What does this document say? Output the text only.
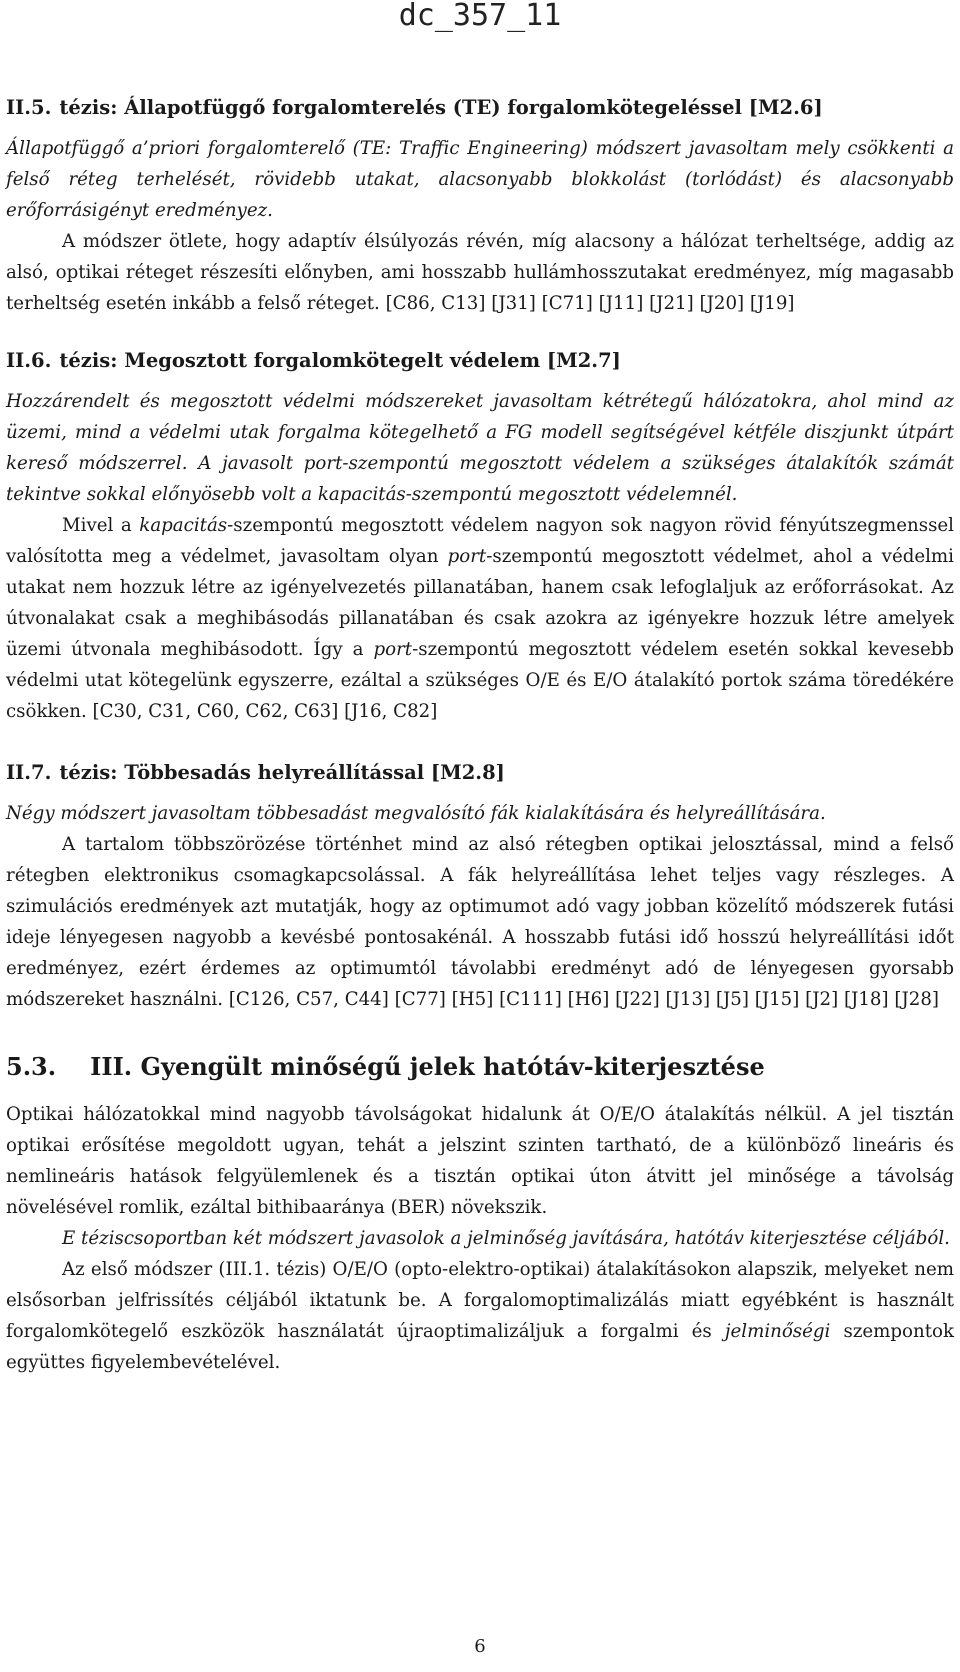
dc_357_11
II.5. tézis: Állapotfüggő forgalomterelés (TE) forgalomkötegeléssel [M2.6]

Állapotfüggő a’priori forgalomterelő (TE: Traffic Engineering) módszert javasoltam mely csökkenti a felső réteg terhelését, rövidebb utakat, alacsonyabb blokkolást (torlódást) és alacsonyabb erőforrásigényt eredményez.

A módszer ötlete, hogy adaptív élsúlyozás révén, míg alacsony a hálózat terheltsége, addig az alsó, optikai réteget részesíti előnyben, ami hosszabb hullámhosszutakat eredményez, míg magasabb terheltség esetén inkább a felső réteget. [C86, C13] [J31] [C71] [J11] [J21] [J20] [J19]

II.6. tézis: Megosztott forgalomkötegelt védelem [M2.7]

Hozzárendelt és megosztott védelmi módszereket javasoltam kétrétegű hálózatokra, ahol mind az üzemi, mind a védelmi utak forgalma kötegelhető a FG modell segítségével kétféle diszjunkt útpárt kereső módszerrel. A javasolt port-szempontú megosztott védelem a szükséges átalakítók számát tekintve sokkal előnyösebb volt a kapacitás-szempontú megosztott védelemnél.

Mivel a kapacitás-szempontú megosztott védelem nagyon sok nagyon rövid fényútszegmenssel valósította meg a védelmet, javasoltam olyan port-szempontú megosztott védelmet, ahol a védelmi utakat nem hozzuk létre az igényelvezetés pillanatában, hanem csak lefoglaljuk az erőforrásokat. Az útvonalakat csak a meghibásodás pillanatában és csak azokra az igényekre hozzuk létre amelyek üzemi útvonala meghibásodott. Így a port-szempontú megosztott védelem esetén sokkal kevesebb védelmi utat kötegelünk egyszerre, ezáltal a szükséges O/E és E/O átalakító portok száma töredékére csökken. [C30, C31, C60, C62, C63] [J16, C82]

II.7. tézis: Többesadás helyreállítással [M2.8]

Négy módszert javasoltam többesadást megvalósító fák kialakítására és helyreállítására.

A tartalom többszörözése történhet mind az alsó rétegben optikai jelosztással, mind a felső rétegben elektronikus csomagkapcsolással. A fák helyreállítása lehet teljes vagy részleges. A szimulációs eredmények azt mutatják, hogy az optimumot adó vagy jobban közelítő módszerek futási ideje lényegesen nagyobb a kevésbé pontosakénál. A hosszabb futási idő hosszú helyreállítási időt eredményez, ezért érdemes az optimumtól távolabbi eredményt adó de lényegesen gyorsabb módszereket használni. [C126, C57, C44] [C77] [H5] [C111] [H6] [J22] [J13] [J5] [J15] [J2] [J18] [J28]

5.3. III. Gyengült minőségű jelek hatótáv-kiterjesztése

Optikai hálózatokkal mind nagyobb távolságokat hidalunk át O/E/O átalakítás nélkül. A jel tisztán optikai erősítése megoldott ugyan, tehát a jelszint szinten tartható, de a különböző lineáris és nemlineáris hatások felgyülemlenek és a tisztán optikai úton átvitt jel minősége a távolság növelésével romlik, ezáltal bithibaaránya (BER) növekszik.

E téziscsoportban két módszert javasolok a jelminőség javítására, hatótáv kiterjesztése céljából.

Az első módszer (III.1. tézis) O/E/O (opto-elektro-optikai) átalakításokon alapszik, melyeket nem elsősorban jelfrissítés céljából iktatunk be. A forgalomoptimalizálás miatt egyébként is használt forgalomkötegelő eszközök használatát újraoptimalizáljuk a forgalmi és jelminőségi szempontok együttes figyelembevételével.

6
